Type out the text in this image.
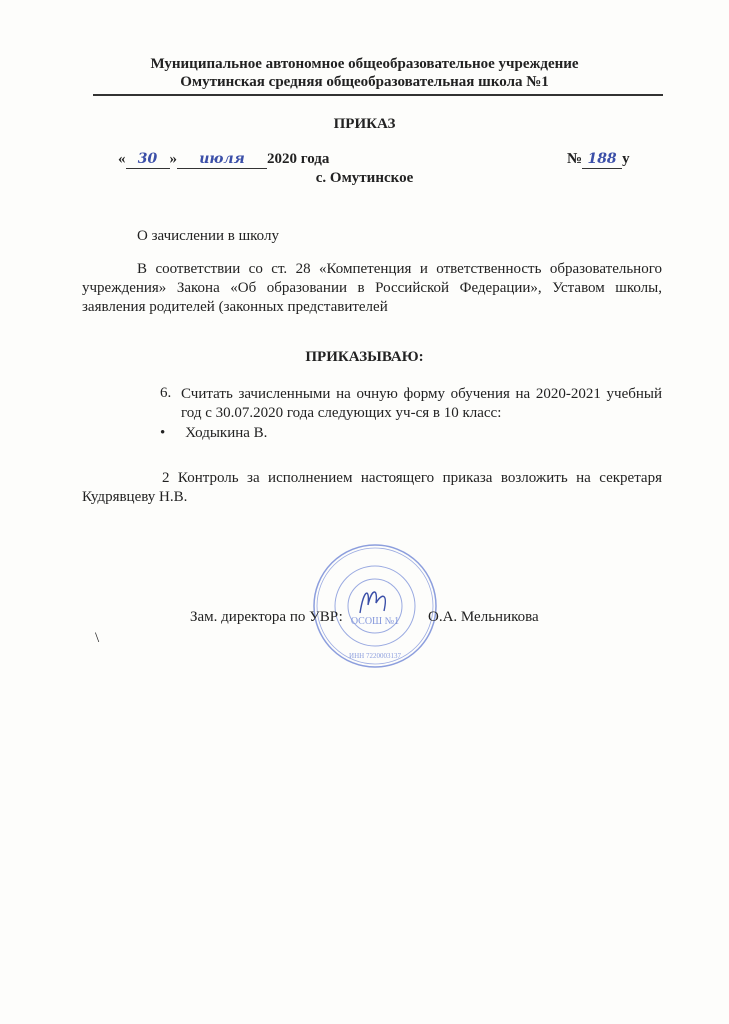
Муниципальное автономное общеобразовательное учреждение
Омутинская средняя общеобразовательная школа №1
ПРИКАЗ
« 30 » июля 2020 года	№ 188 у
с. Омутинское
О зачислении в школу
В соответствии со ст. 28 «Компетенция и ответственность образовательного учреждения» Закона «Об образовании в Российской Федерации», Уставом школы, заявления родителей (законных представителей
ПРИКАЗЫВАЮ:
6. Считать зачисленными на очную форму обучения на 2020-2021 учебный год с 30.07.2020 года следующих уч-ся в 10 класс:
• Ходыкина В.
2 Контроль за исполнением настоящего приказа возложить на секретаря Кудрявцеву Н.В.
ОСОШ №1
ИНН 7220003137
Зам. директора по УВР:	О.А. Мельникова
\
